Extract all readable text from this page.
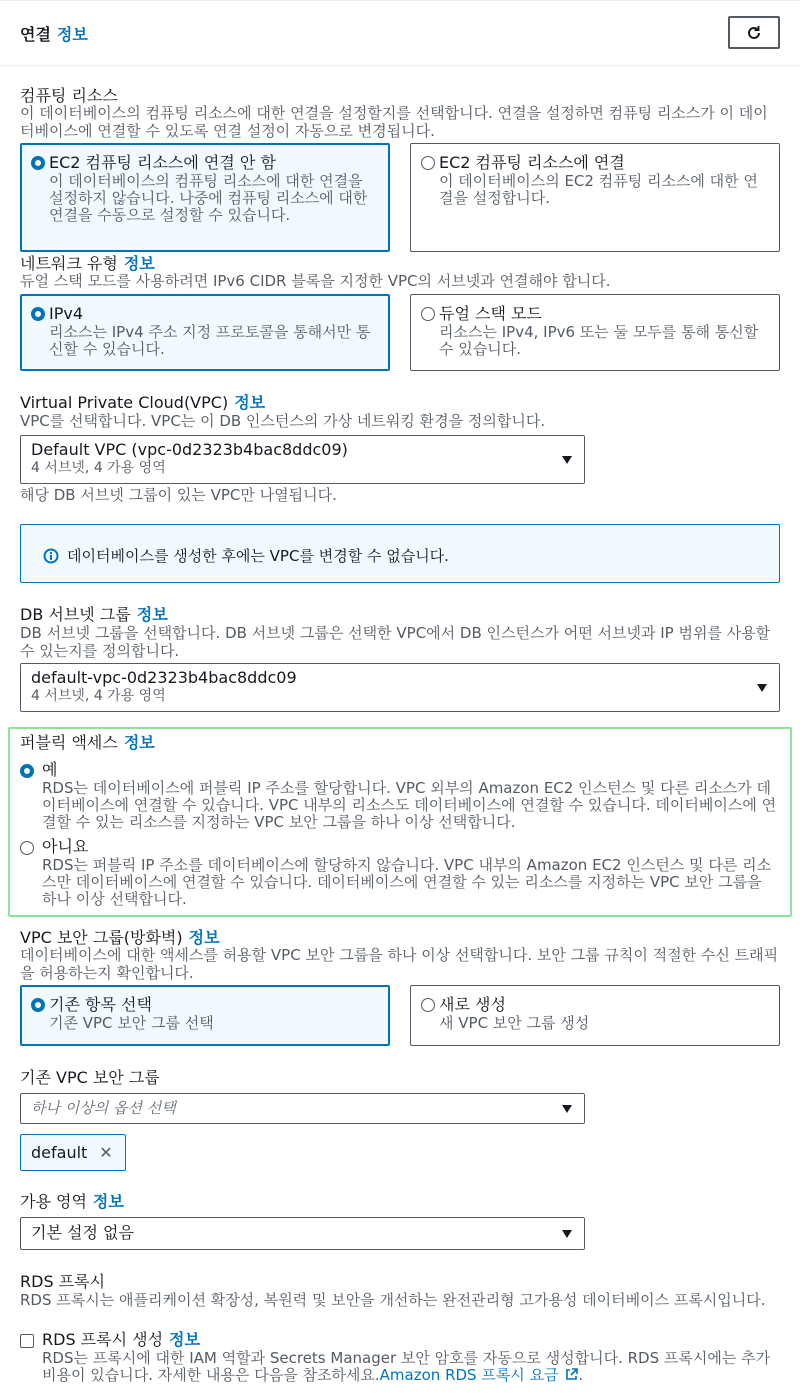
연결 정보
컴퓨팅 리소스
이 데이터베이스의 컴퓨팅 리소스에 대한 연결을 설정할지를 선택합니다. 연결을 설정하면 컴퓨팅 리소스가 이 데이터베이스에 연결할 수 있도록 연결 설정이 자동으로 변경됩니다.
EC2 컴퓨팅 리소스에 연결 안 함
이 데이터베이스의 컴퓨팅 리소스에 대한 연결을 설정하지 않습니다. 나중에 컴퓨팅 리소스에 대한 연결을 수동으로 설정할 수 있습니다.
EC2 컴퓨팅 리소스에 연결
이 데이터베이스의 EC2 컴퓨팅 리소스에 대한 연결을 설정합니다.
네트워크 유형 정보
듀얼 스택 모드를 사용하려면 IPv6 CIDR 블록을 지정한 VPC의 서브넷과 연결해야 합니다.
IPv4
리소스는 IPv4 주소 지정 프로토콜을 통해서만 통신할 수 있습니다.
듀얼 스택 모드
리소스는 IPv4, IPv6 또는 둘 모두를 통해 통신할 수 있습니다.
Virtual Private Cloud(VPC) 정보
VPC를 선택합니다. VPC는 이 DB 인스턴스의 가상 네트워킹 환경을 정의합니다.
Default VPC (vpc-0d2323b4bac8ddc09)
4 서브넷, 4 가용 영역
해당 DB 서브넷 그룹이 있는 VPC만 나열됩니다.
데이터베이스를 생성한 후에는 VPC를 변경할 수 없습니다.
DB 서브넷 그룹 정보
DB 서브넷 그룹을 선택합니다. DB 서브넷 그룹은 선택한 VPC에서 DB 인스턴스가 어떤 서브넷과 IP 범위를 사용할 수 있는지를 정의합니다.
default-vpc-0d2323b4bac8ddc09
4 서브넷, 4 가용 영역
퍼블릭 액세스 정보
예
RDS는 데이터베이스에 퍼블릭 IP 주소를 할당합니다. VPC 외부의 Amazon EC2 인스턴스 및 다른 리소스가 데이터베이스에 연결할 수 있습니다. VPC 내부의 리소스도 데이터베이스에 연결할 수 있습니다. 데이터베이스에 연결할 수 있는 리소스를 지정하는 VPC 보안 그룹을 하나 이상 선택합니다.
아니요
RDS는 퍼블릭 IP 주소를 데이터베이스에 할당하지 않습니다. VPC 내부의 Amazon EC2 인스턴스 및 다른 리소스만 데이터베이스에 연결할 수 있습니다. 데이터베이스에 연결할 수 있는 리소스를 지정하는 VPC 보안 그룹을 하나 이상 선택합니다.
VPC 보안 그룹(방화벽) 정보
데이터베이스에 대한 액세스를 허용할 VPC 보안 그룹을 하나 이상 선택합니다. 보안 그룹 규칙이 적절한 수신 트래픽을 허용하는지 확인합니다.
기존 항목 선택
기존 VPC 보안 그룹 선택
새로 생성
새 VPC 보안 그룹 생성
기존 VPC 보안 그룹
하나 이상의 옵션 선택
default ✕
가용 영역 정보
기본 설정 없음
RDS 프록시
RDS 프록시는 애플리케이션 확장성, 복원력 및 보안을 개선하는 완전관리형 고가용성 데이터베이스 프록시입니다.
RDS 프록시 생성 정보
RDS는 프록시에 대한 IAM 역할과 Secrets Manager 보안 암호를 자동으로 생성합니다. RDS 프록시에는 추가 비용이 있습니다. 자세한 내용은 다음을 참조하세요.Amazon RDS 프록시 요금 .
